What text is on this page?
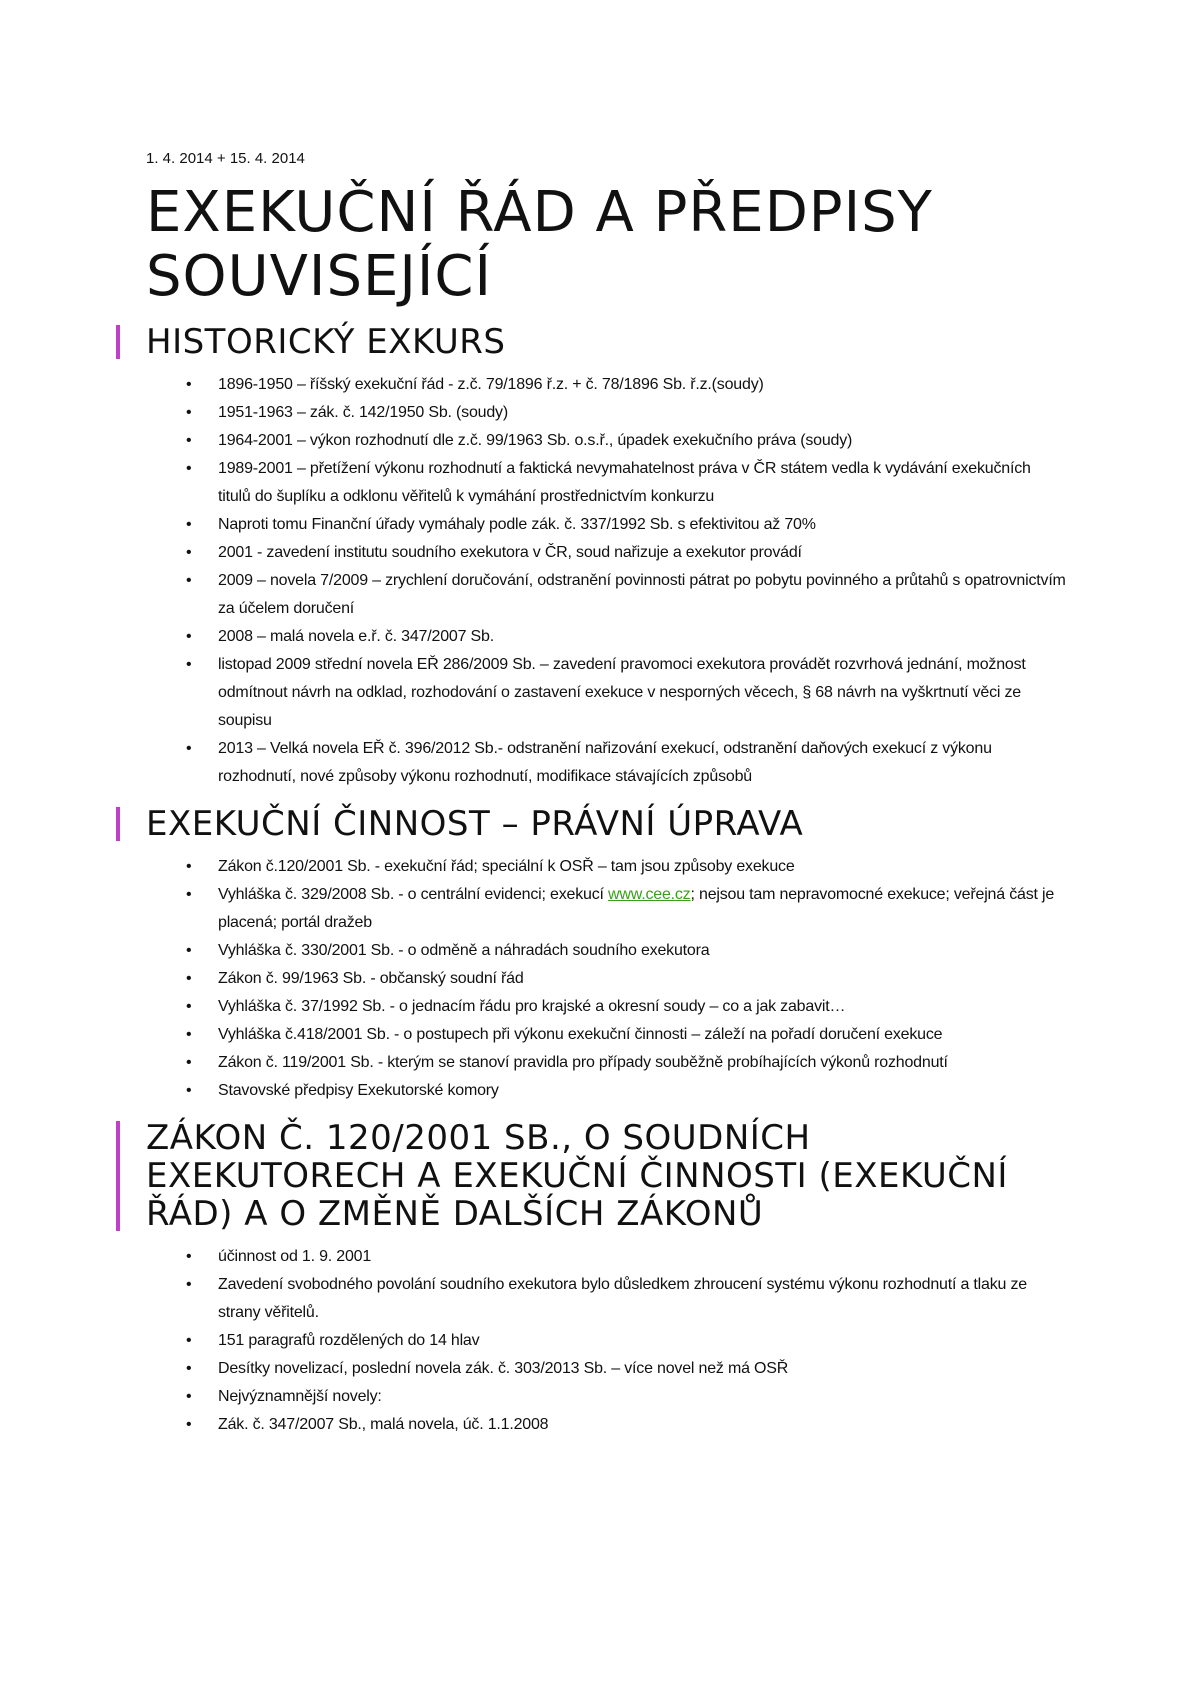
1. 4. 2014 + 15. 4. 2014
EXEKUČNÍ ŘÁD A PŘEDPISY SOUVISEJÍCÍ
HISTORICKÝ EXKURS
• 1896-1950 – říšský exekuční řád - z.č. 79/1896 ř.z. + č. 78/1896 Sb. ř.z.(soudy)
• 1951-1963 – zák. č. 142/1950 Sb. (soudy)
• 1964-2001 – výkon rozhodnutí dle z.č. 99/1963 Sb. o.s.ř., úpadek exekučního práva (soudy)
• 1989-2001 – přetížení výkonu rozhodnutí a faktická nevymahatelnost práva v ČR státem vedla k vydávání exekučních titulů do šuplíku a odklonu věřitelů k vymáhání prostřednictvím konkurzu
• Naproti tomu Finanční úřady vymáhaly podle zák. č. 337/1992 Sb. s efektivitou až 70%
• 2001 - zavedení institutu soudního exekutora v ČR, soud nařizuje a exekutor provádí
• 2009 – novela 7/2009 – zrychlení doručování, odstranění povinnosti pátrat po pobytu povinného a průtahů s opatrovnictvím za účelem doručení
• 2008 – malá novela e.ř. č. 347/2007 Sb.
• listopad 2009 střední novela EŘ 286/2009 Sb. – zavedení pravomoci exekutora provádět rozvrhová jednání, možnost odmítnout návrh na odklad, rozhodování o zastavení exekuce v nesporných věcech, § 68 návrh na vyškrtnutí věci ze soupisu
• 2013 – Velká novela EŘ č. 396/2012 Sb.- odstranění nařizování exekucí, odstranění daňových exekucí z výkonu rozhodnutí, nové způsoby výkonu rozhodnutí, modifikace stávajících způsobů
EXEKUČNÍ ČINNOST – PRÁVNÍ ÚPRAVA
• Zákon č.120/2001 Sb. - exekuční řád; speciální k OSŘ – tam jsou způsoby exekuce
• Vyhláška č. 329/2008 Sb. - o centrální evidenci; exekucí www.cee.cz; nejsou tam nepravomocné exekuce; veřejná část je placená; portál dražeb
• Vyhláška č. 330/2001 Sb. - o odměně a náhradách soudního exekutora
• Zákon č. 99/1963 Sb. - občanský soudní řád
• Vyhláška č. 37/1992 Sb. - o jednacím řádu pro krajské a okresní soudy – co a jak zabavit…
• Vyhláška č.418/2001 Sb. - o postupech při výkonu exekuční činnosti – záleží na pořadí doručení exekuce
• Zákon č. 119/2001 Sb. - kterým se stanoví pravidla pro případy souběžně probíhajících výkonů rozhodnutí
• Stavovské předpisy Exekutorské komory
ZÁKON Č. 120/2001 SB., O SOUDNÍCH EXEKUTORECH A EXEKUČNÍ ČINNOSTI (EXEKUČNÍ ŘÁD) A O ZMĚNĚ DALŠÍCH ZÁKONŮ
• účinnost od 1. 9. 2001
• Zavedení svobodného povolání soudního exekutora bylo důsledkem zhroucení systému výkonu rozhodnutí a tlaku ze strany věřitelů.
• 151 paragrafů rozdělených do 14 hlav
• Desítky novelizací, poslední novela zák. č. 303/2013 Sb. – více novel než má OSŘ
• Nejvýznamnější novely:
• Zák. č. 347/2007 Sb., malá novela, úč. 1.1.2008
